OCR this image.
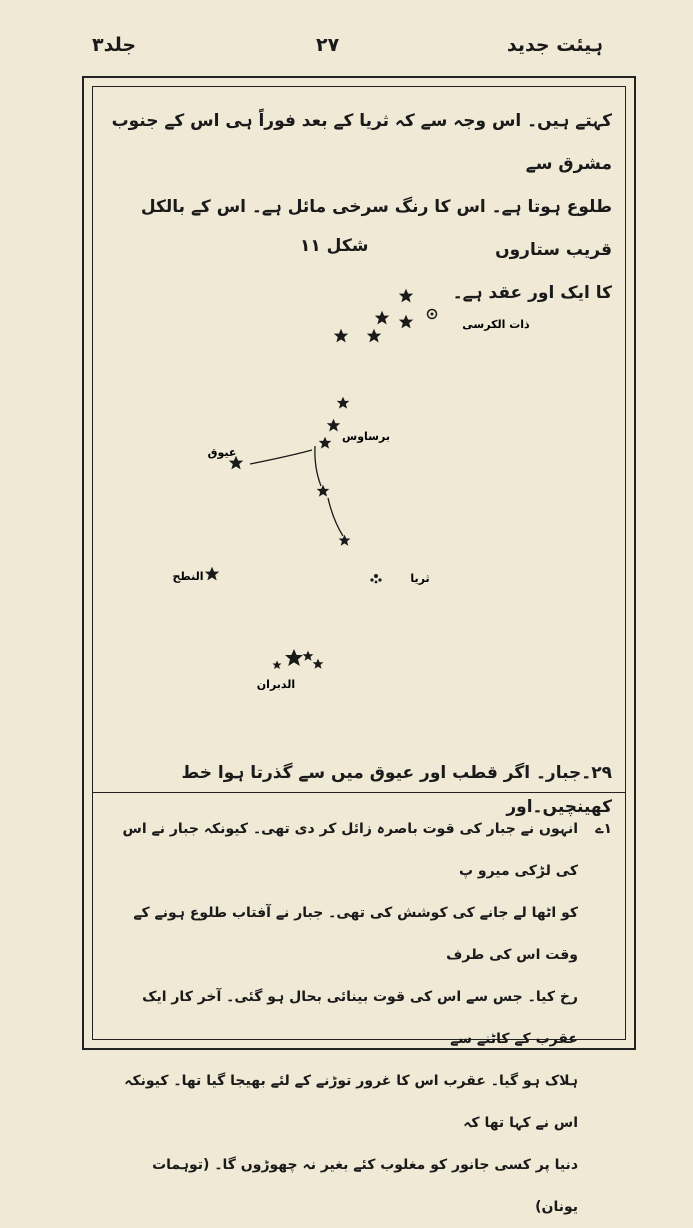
ہیئت جدید
۲۷
جلد۳
کہتے ہیں۔ اس وجہ سے کہ ثریا کے بعد فوراً ہی اس کے جنوب مشرق سے
طلوع ہوتا ہے۔ اس کا رنگ سرخی مائل ہے۔ اس کے بالکل قریب ستاروں
کا ایک اور عقد ہے۔
شکل ۱۱
ذات الکرسی
برساوس
عیوق
ثریا
النطح
الدبران
۲۹۔جبار۔ اگر قطب اور عیوق میں سے گذرتا ہوا خط کھینچیں۔اور
۱ے
انہوں نے جبار کی قوت باصرہ زائل کر دی تھی۔ کیونکہ جبار نے اس کی لڑکی میرو پ
کو اٹھا لے جانے کی کوشش کی تھی۔ جبار نے آفتاب طلوع ہونے کے وقت اس کی طرف
رخ کیا۔ جس سے اس کی قوت بینائی بحال ہو گئی۔ آخر کار ایک عقرب کے کاٹنے سے
ہلاک ہو گیا۔ عقرب اس کا غرور توڑنے کے لئے بھیجا گیا تھا۔ کیونکہ اس نے کہا تھا کہ
دنیا پر کسی جانور کو مغلوب کئے بغیر نہ چھوڑوں گا۔ (توہمات یونان)
